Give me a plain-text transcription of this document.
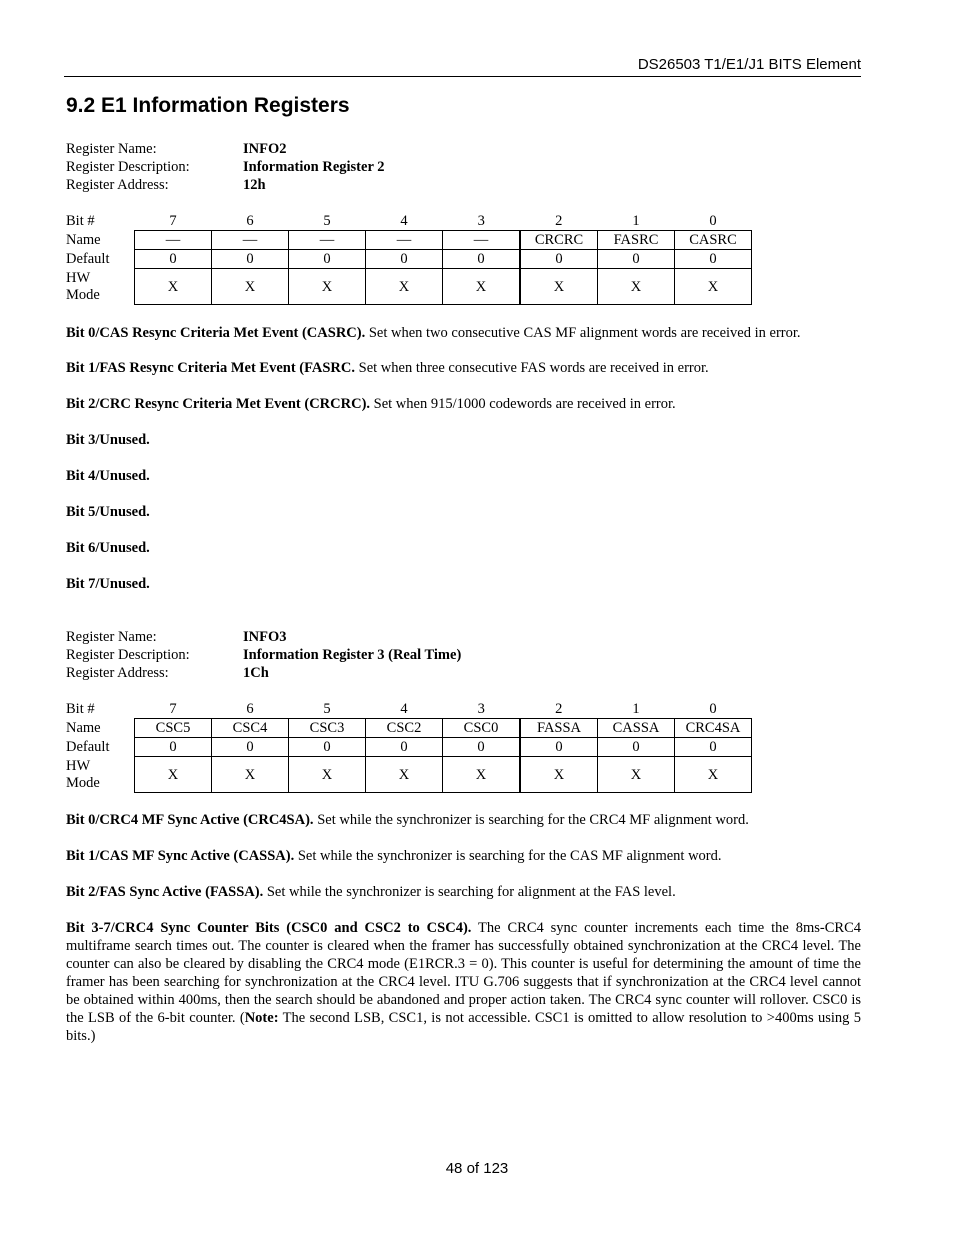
DS26503 T1/E1/J1 BITS Element
9.2 E1 Information Registers
Register Name:	INFO2
Register Description:	Information Register 2
Register Address:	12h
Bit #	7	6	5	4	3	2	1	0
Name	—	—	—	—	—	CRCRC	FASRC	CASRC
Default	0	0	0	0	0	0	0	0
HW
Mode	X	X	X	X	X	X	X	X
Bit 0/CAS Resync Criteria Met Event (CASRC). Set when two consecutive CAS MF alignment words are received in error.
Bit 1/FAS Resync Criteria Met Event (FASRC. Set when three consecutive FAS words are received in error.
Bit 2/CRC Resync Criteria Met Event (CRCRC). Set when 915/1000 codewords are received in error.
Bit 3/Unused.
Bit 4/Unused.
Bit 5/Unused.
Bit 6/Unused.
Bit 7/Unused.
Register Name:	INFO3
Register Description:	Information Register 3 (Real Time)
Register Address:	1Ch
Bit #	7	6	5	4	3	2	1	0
Name	CSC5	CSC4	CSC3	CSC2	CSC0	FASSA	CASSA	CRC4SA
Default	0	0	0	0	0	0	0	0
HW
Mode	X	X	X	X	X	X	X	X
Bit 0/CRC4 MF Sync Active (CRC4SA). Set while the synchronizer is searching for the CRC4 MF alignment word.
Bit 1/CAS MF Sync Active (CASSA). Set while the synchronizer is searching for the CAS MF alignment word.
Bit 2/FAS Sync Active (FASSA). Set while the synchronizer is searching for alignment at the FAS level.
Bit 3-7/CRC4 Sync Counter Bits (CSC0 and CSC2 to CSC4). The CRC4 sync counter increments each time the 8ms-CRC4 multiframe search times out. The counter is cleared when the framer has successfully obtained synchronization at the CRC4 level. The counter can also be cleared by disabling the CRC4 mode (E1RCR.3 = 0). This counter is useful for determining the amount of time the framer has been searching for synchronization at the CRC4 level. ITU G.706 suggests that if synchronization at the CRC4 level cannot be obtained within 400ms, then the search should be abandoned and proper action taken. The CRC4 sync counter will rollover. CSC0 is the LSB of the 6-bit counter. (Note: The second LSB, CSC1, is not accessible. CSC1 is omitted to allow resolution to >400ms using 5 bits.)
48 of 123
